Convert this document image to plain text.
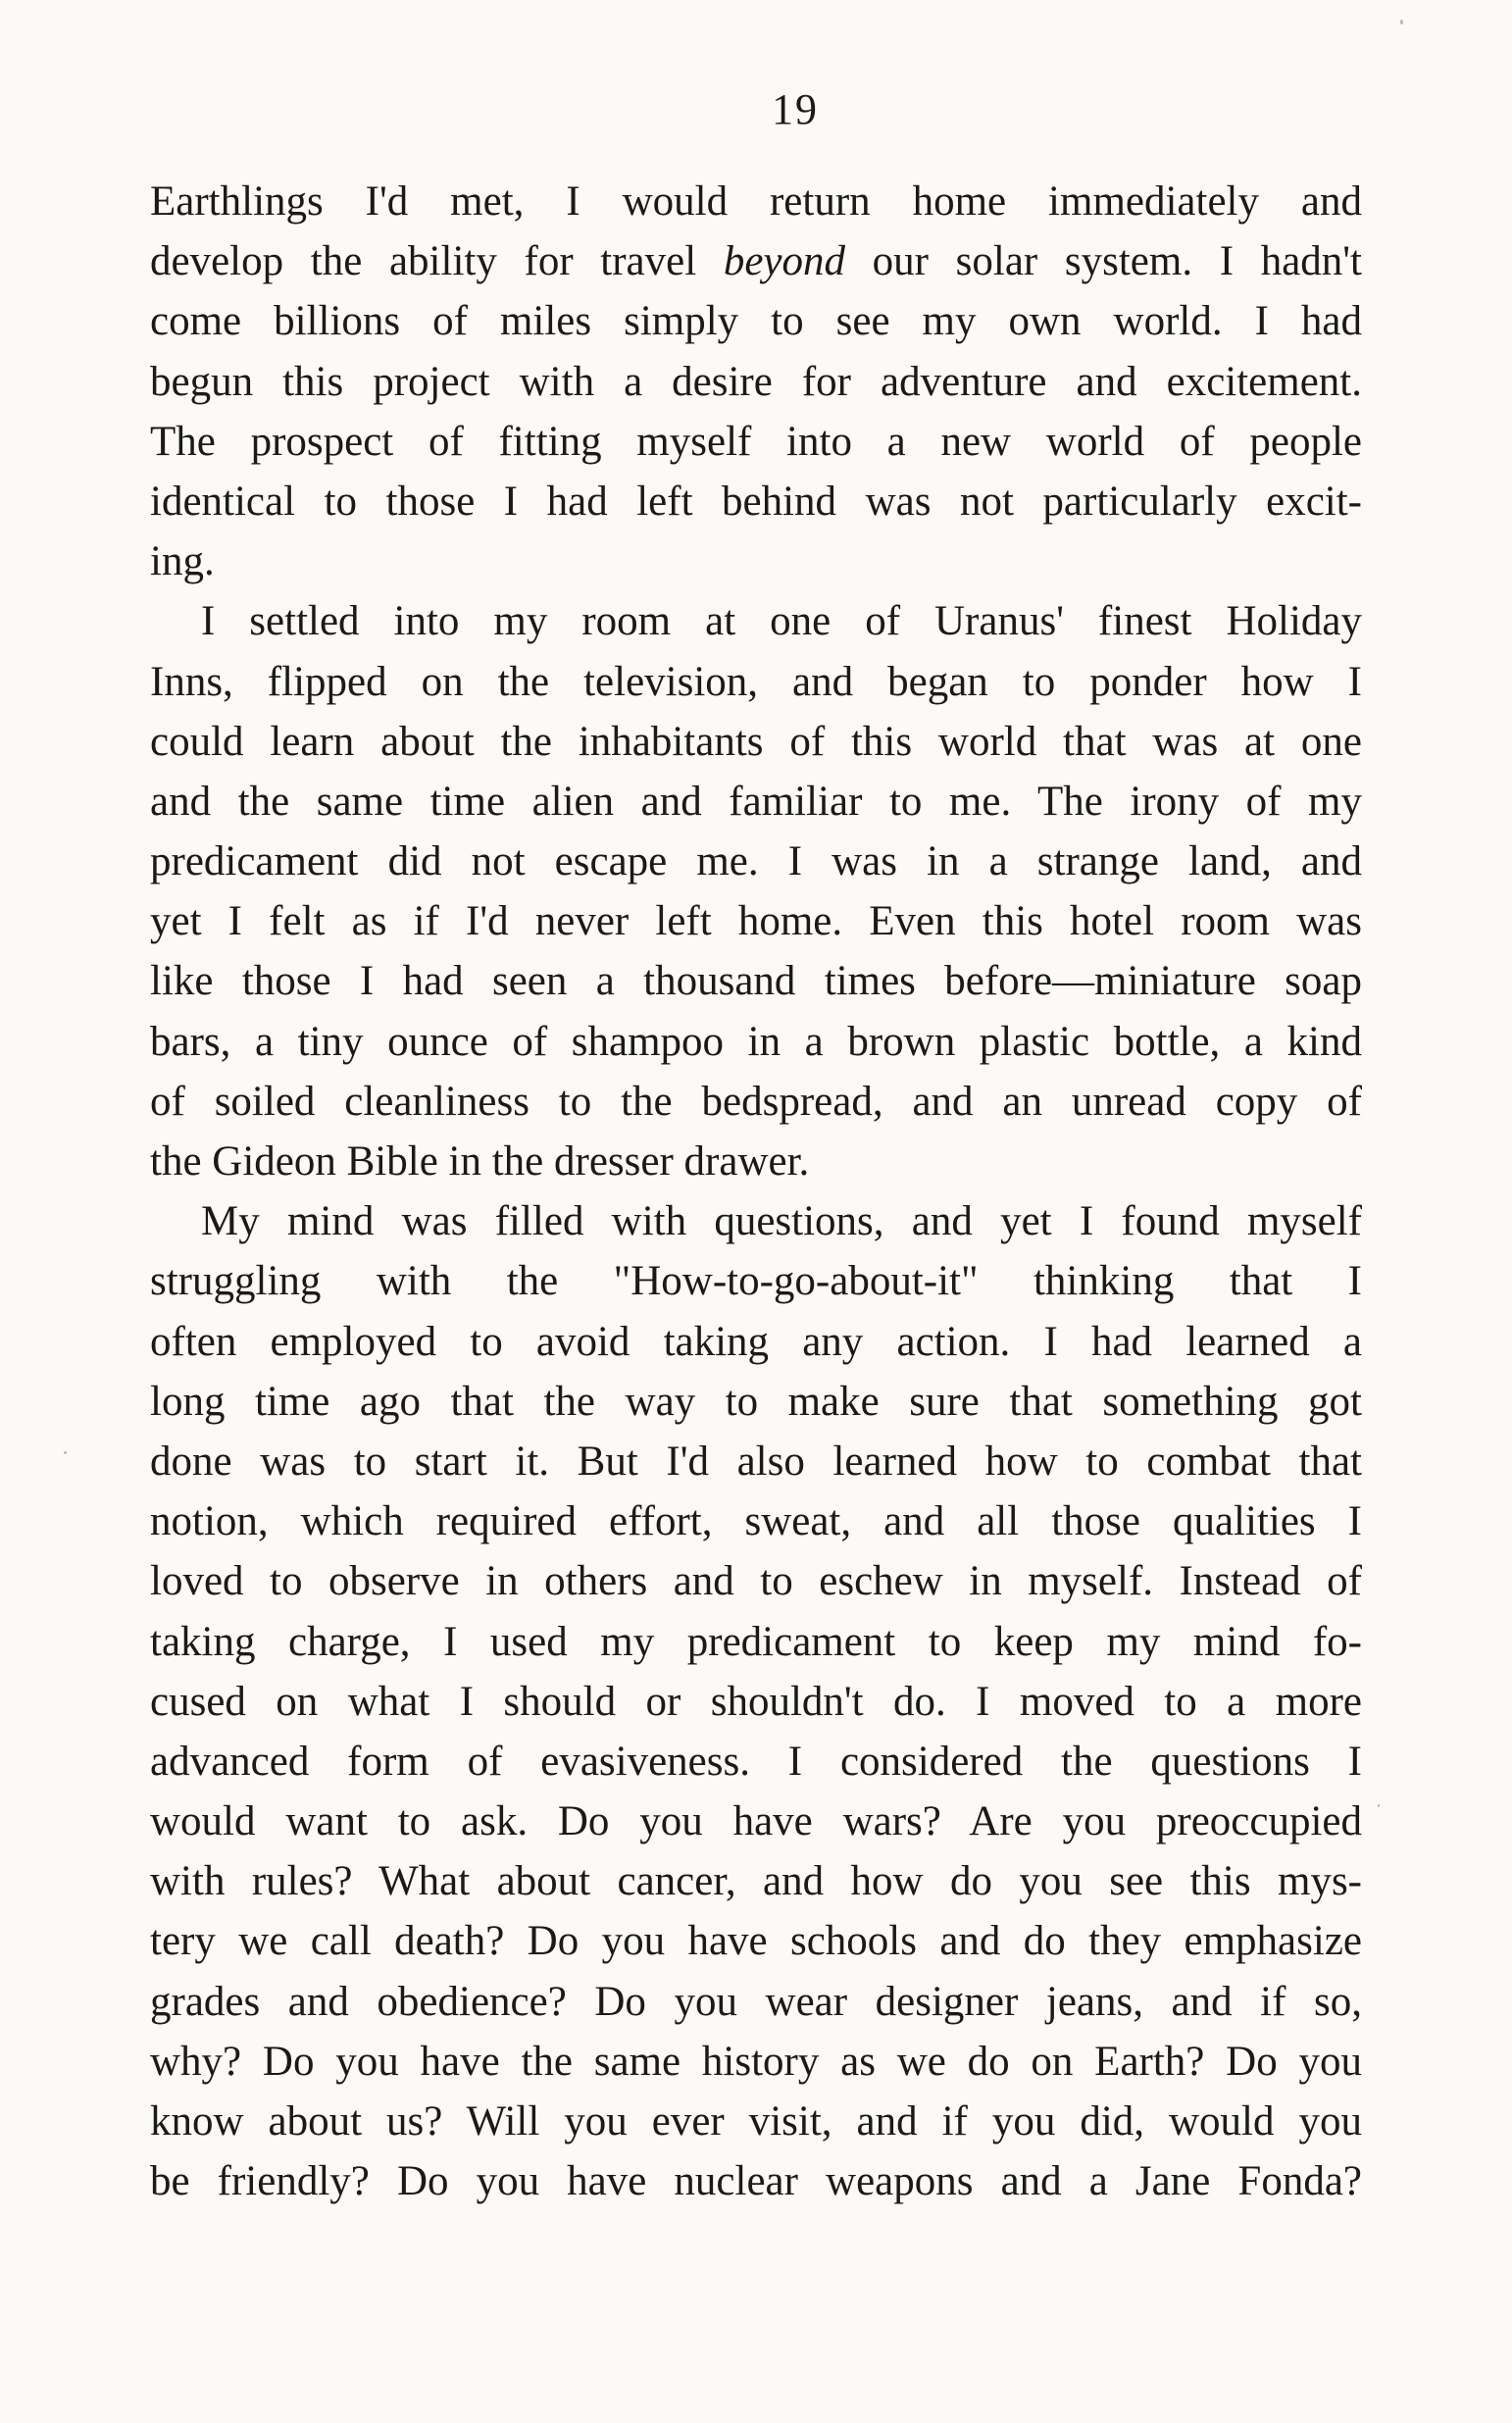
19
Earthlings I'd met, I would return home immediately and
develop the ability for travel beyond our solar system. I hadn't
come billions of miles simply to see my own world. I had
begun this project with a desire for adventure and excitement.
The prospect of fitting myself into a new world of people
identical to those I had left behind was not particularly excit-
ing.
I settled into my room at one of Uranus' finest Holiday
Inns, flipped on the television, and began to ponder how I
could learn about the inhabitants of this world that was at one
and the same time alien and familiar to me. The irony of my
predicament did not escape me. I was in a strange land, and
yet I felt as if I'd never left home. Even this hotel room was
like those I had seen a thousand times before—miniature soap
bars, a tiny ounce of shampoo in a brown plastic bottle, a kind
of soiled cleanliness to the bedspread, and an unread copy of
the Gideon Bible in the dresser drawer.
My mind was filled with questions, and yet I found myself
struggling with the "How-to-go-about-it" thinking that I
often employed to avoid taking any action. I had learned a
long time ago that the way to make sure that something got
done was to start it. But I'd also learned how to combat that
notion, which required effort, sweat, and all those qualities I
loved to observe in others and to eschew in myself. Instead of
taking charge, I used my predicament to keep my mind fo-
cused on what I should or shouldn't do. I moved to a more
advanced form of evasiveness. I considered the questions I
would want to ask. Do you have wars? Are you preoccupied
with rules? What about cancer, and how do you see this mys-
tery we call death? Do you have schools and do they emphasize
grades and obedience? Do you wear designer jeans, and if so,
why? Do you have the same history as we do on Earth? Do you
know about us? Will you ever visit, and if you did, would you
be friendly? Do you have nuclear weapons and a Jane Fonda?
